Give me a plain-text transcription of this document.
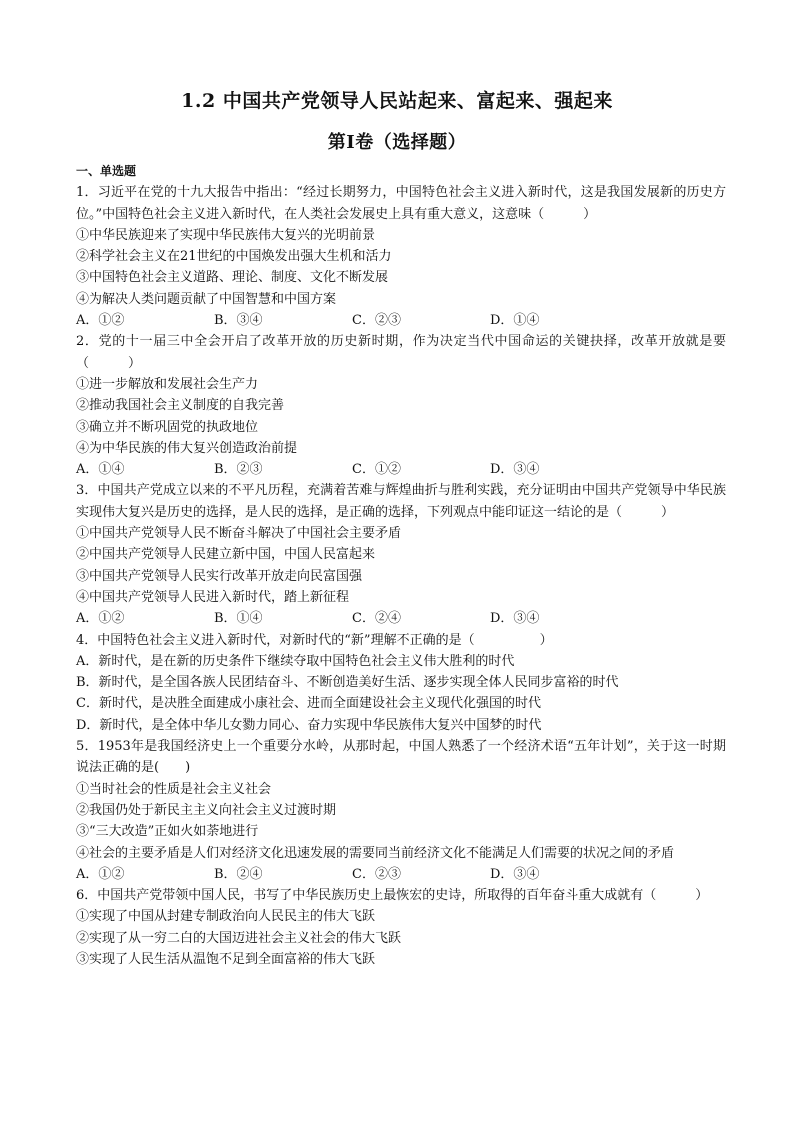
1.2 中国共产党领导人民站起来、富起来、强起来
第I卷（选择题）
一、单选题
1．习近平在党的十九大报告中指出：“经过长期努力，中国特色社会主义进入新时代，这是我国发展新的历史方位。”中国特色社会主义进入新时代，在人类社会发展史上具有重大意义，这意味（　　　）
①中华民族迎来了实现中华民族伟大复兴的光明前景
②科学社会主义在21世纪的中国焕发出强大生机和活力
③中国特色社会主义道路、理论、制度、文化不断发展
④为解决人类问题贡献了中国智慧和中国方案
A．①②	B．③④	C．②③	D．①④
2．党的十一届三中全会开启了改革开放的历史新时期，作为决定当代中国命运的关键抉择，改革开放就是要（　　　）
①进一步解放和发展社会生产力
②推动我国社会主义制度的自我完善
③确立并不断巩固党的执政地位
④为中华民族的伟大复兴创造政治前提
A．①④	B．②③	C．①②	D．③④
3．中国共产党成立以来的不平凡历程，充满着苦难与辉煌曲折与胜利实践，充分证明由中国共产党领导中华民族实现伟大复兴是历史的选择，是人民的选择，是正确的选择，下列观点中能印证这一结论的是（　　　）
①中国共产党领导人民不断奋斗解决了中国社会主要矛盾
②中国共产党领导人民建立新中国，中国人民富起来
③中国共产党领导人民实行改革开放走向民富国强
④中国共产党领导人民进入新时代，踏上新征程
A．①②	B．①④	C．②④	D．③④
4．中国特色社会主义进入新时代，对新时代的“新”理解不正确的是（　　　　　）
A．新时代，是在新的历史条件下继续夺取中国特色社会主义伟大胜利的时代
B．新时代，是全国各族人民团结奋斗、不断创造美好生活、逐步实现全体人民同步富裕的时代
C．新时代，是决胜全面建成小康社会、进而全面建设社会主义现代化强国的时代
D．新时代，是全体中华儿女勠力同心、奋力实现中华民族伟大复兴中国梦的时代
5．1953年是我国经济史上一个重要分水岭，从那时起，中国人熟悉了一个经济术语“五年计划”，关于这一时期说法正确的是(　　)
①当时社会的性质是社会主义社会
②我国仍处于新民主主义向社会主义过渡时期
③“三大改造”正如火如荼地进行
④社会的主要矛盾是人们对经济文化迅速发展的需要同当前经济文化不能满足人们需要的状况之间的矛盾
A．①②	B．②④	C．②③	D．③④
6．中国共产党带领中国人民，书写了中华民族历史上最恢宏的史诗，所取得的百年奋斗重大成就有（　　　）
①实现了中国从封建专制政治向人民民主的伟大飞跃
②实现了从一穷二白的大国迈进社会主义社会的伟大飞跃
③实现了人民生活从温饱不足到全面富裕的伟大飞跃
